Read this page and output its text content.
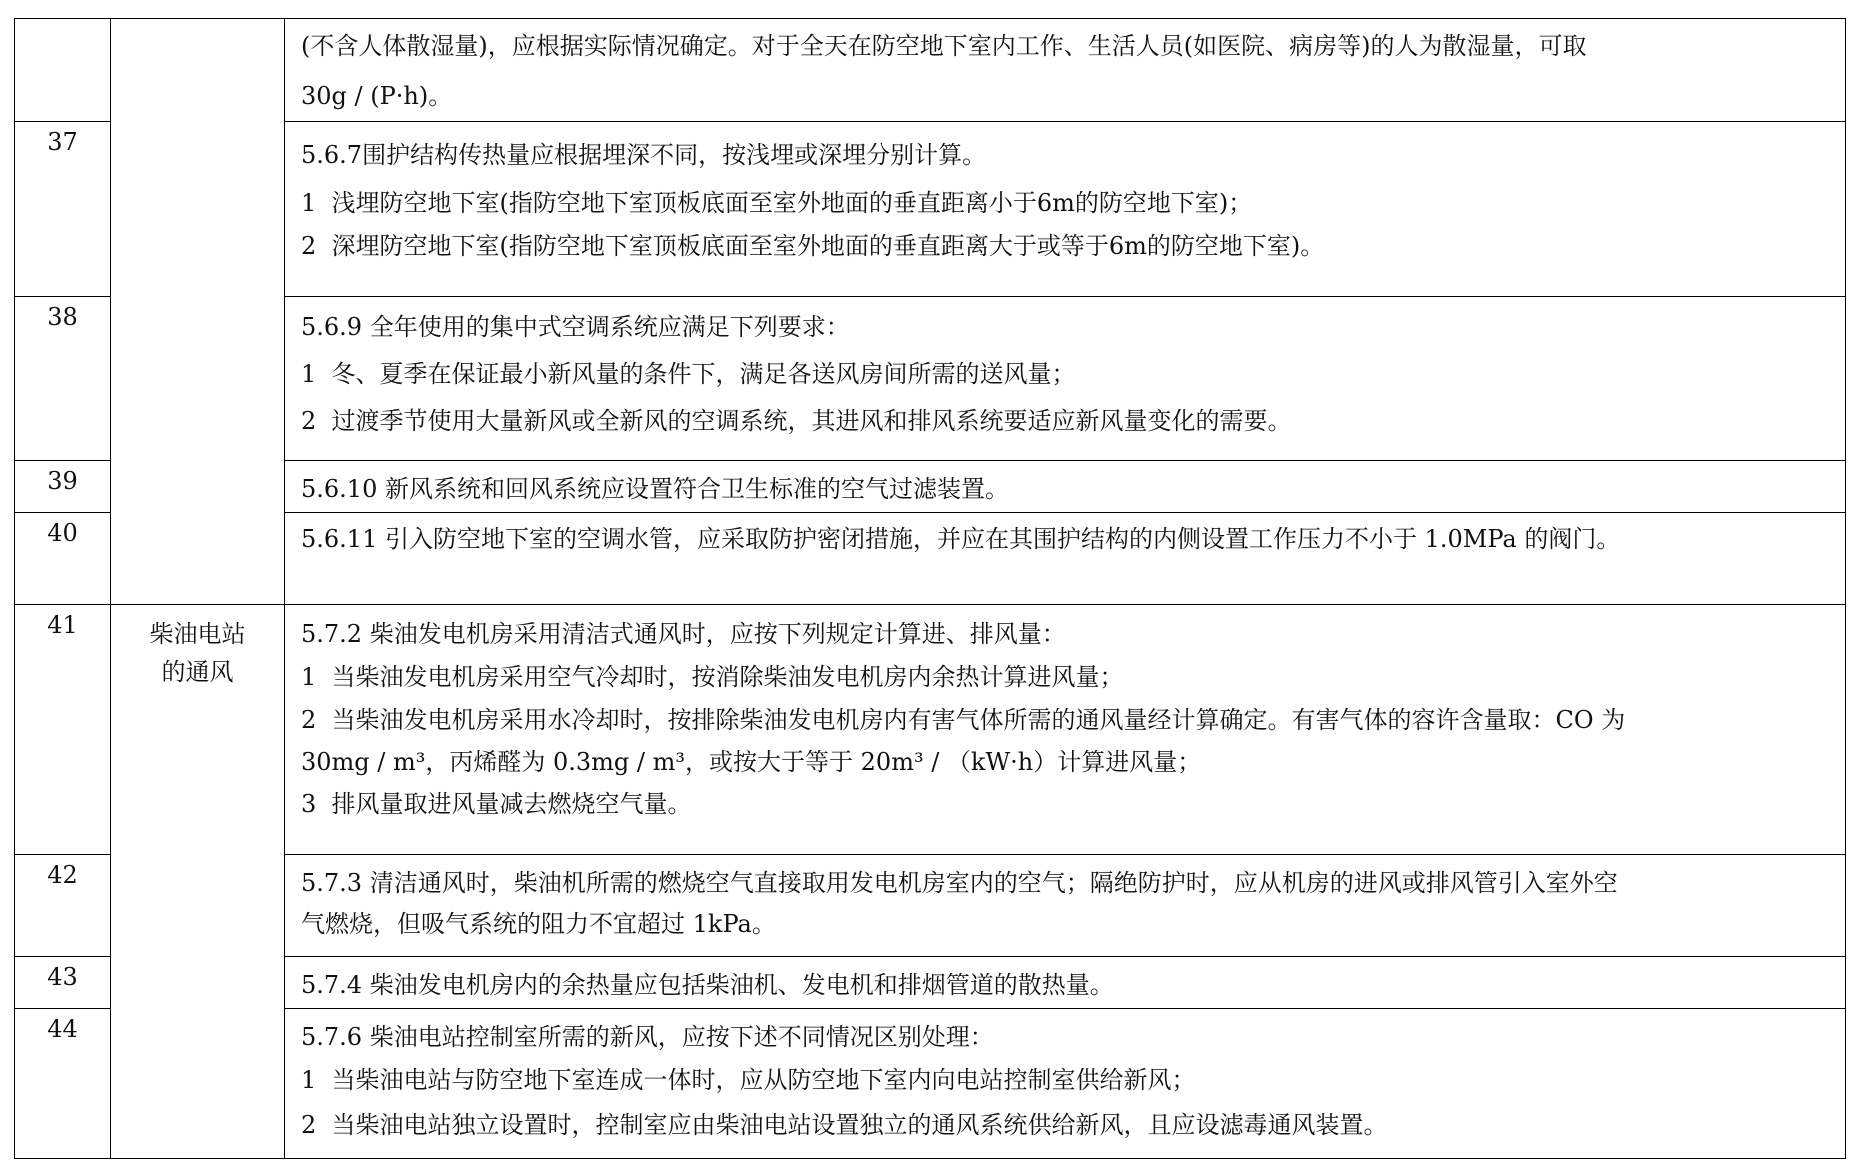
		(不含人体散湿量)，应根据实际情况确定。对于全天在防空地下室内工作、生活人员(如医院、病房等)的人为散湿量，可取
30g / (P·h)。

37		5.6.7围护结构传热量应根据埋深不同，按浅埋或深埋分别计算。
1  浅埋防空地下室(指防空地下室顶板底面至室外地面的垂直距离小于6m的防空地下室)；
2  深埋防空地下室(指防空地下室顶板底面至室外地面的垂直距离大于或等于6m的防空地下室)。

38		5.6.9 全年使用的集中式空调系统应满足下列要求：
1  冬、夏季在保证最小新风量的条件下，满足各送风房间所需的送风量；
2  过渡季节使用大量新风或全新风的空调系统，其进风和排风系统要适应新风量变化的需要。

39		5.6.10 新风系统和回风系统应设置符合卫生标准的空气过滤装置。

40		5.6.11 引入防空地下室的空调水管，应采取防护密闭措施，并应在其围护结构的内侧设置工作压力不小于 1.0MPa 的阀门。

41	柴油电站
的通风	5.7.2 柴油发电机房采用清洁式通风时，应按下列规定计算进、排风量：
1  当柴油发电机房采用空气冷却时，按消除柴油发电机房内余热计算进风量；
2  当柴油发电机房采用水冷却时，按排除柴油发电机房内有害气体所需的通风量经计算确定。有害气体的容许含量取：CO 为
30mg / m³，丙烯醛为 0.3mg / m³，或按大于等于 20m³ / （kW·h）计算进风量；
3  排风量取进风量减去燃烧空气量。

42		5.7.3 清洁通风时，柴油机所需的燃烧空气直接取用发电机房室内的空气；隔绝防护时，应从机房的进风或排风管引入室外空
气燃烧，但吸气系统的阻力不宜超过 1kPa。

43		5.7.4 柴油发电机房内的余热量应包括柴油机、发电机和排烟管道的散热量。

44		5.7.6 柴油电站控制室所需的新风，应按下述不同情况区别处理：
1  当柴油电站与防空地下室连成一体时，应从防空地下室内向电站控制室供给新风；
2  当柴油电站独立设置时，控制室应由柴油电站设置独立的通风系统供给新风，且应设滤毒通风装置。
